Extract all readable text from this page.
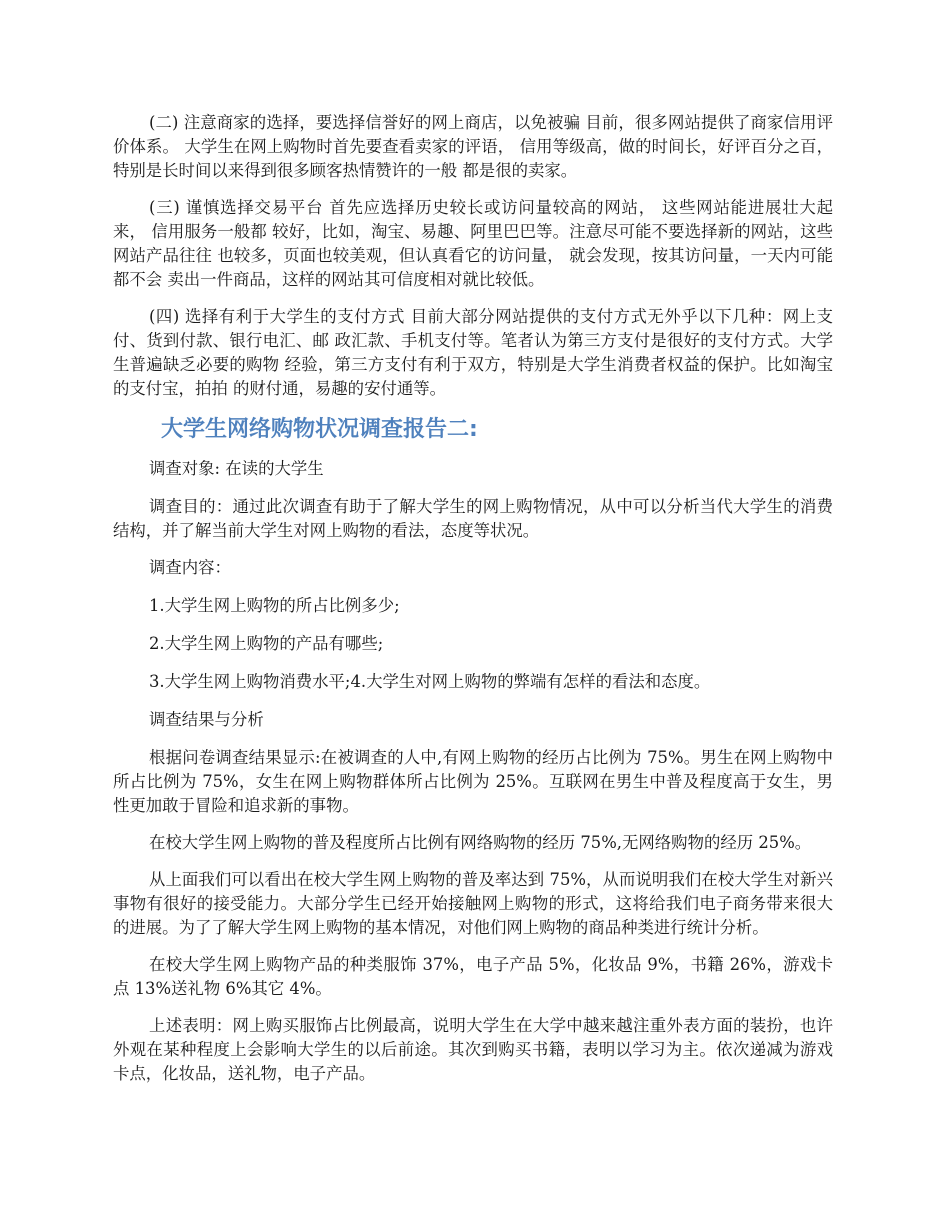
(二) 注意商家的选择，要选择信誉好的网上商店，以免被骗 目前，很多网站提供了商家信用评价体系。 大学生在网上购物时首先要查看卖家的评语， 信用等级高，做的时间长，好评百分之百，特别是长时间以来得到很多顾客热情赞许的一般 都是很的卖家。

(三) 谨慎选择交易平台 首先应选择历史较长或访问量较高的网站， 这些网站能进展壮大起来， 信用服务一般都 较好，比如，淘宝、易趣、阿里巴巴等。注意尽可能不要选择新的网站，这些网站产品往往 也较多，页面也较美观，但认真看它的访问量， 就会发现，按其访问量，一天内可能都不会 卖出一件商品，这样的网站其可信度相对就比较低。

(四) 选择有利于大学生的支付方式 目前大部分网站提供的支付方式无外乎以下几种：网上支付、货到付款、银行电汇、邮 政汇款、手机支付等。笔者认为第三方支付是很好的支付方式。大学生普遍缺乏必要的购物 经验，第三方支付有利于双方，特别是大学生消费者权益的保护。比如淘宝的支付宝，拍拍 的财付通，易趣的安付通等。

大学生网络购物状况调查报告二:

调查对象: 在读的大学生

调查目的：通过此次调查有助于了解大学生的网上购物情况，从中可以分析当代大学生的消费结构，并了解当前大学生对网上购物的看法，态度等状况。

调查内容：

1.大学生网上购物的所占比例多少;

2.大学生网上购物的产品有哪些;

3.大学生网上购物消费水平;4.大学生对网上购物的弊端有怎样的看法和态度。

调查结果与分析

根据问卷调查结果显示:在被调查的人中,有网上购物的经历占比例为 75%。男生在网上购物中所占比例为 75%，女生在网上购物群体所占比例为 25%。互联网在男生中普及程度高于女生，男性更加敢于冒险和追求新的事物。

在校大学生网上购物的普及程度所占比例有网络购物的经历 75%,无网络购物的经历 25%。

从上面我们可以看出在校大学生网上购物的普及率达到 75%，从而说明我们在校大学生对新兴事物有很好的接受能力。大部分学生已经开始接触网上购物的形式，这将给我们电子商务带来很大的进展。为了了解大学生网上购物的基本情况，对他们网上购物的商品种类进行统计分析。

在校大学生网上购物产品的种类服饰 37%，电子产品 5%，化妆品 9%，书籍 26%，游戏卡点 13%送礼物 6%其它 4%。

上述表明：网上购买服饰占比例最高，说明大学生在大学中越来越注重外表方面的装扮，也许外观在某种程度上会影响大学生的以后前途。其次到购买书籍，表明以学习为主。依次递减为游戏卡点，化妆品，送礼物，电子产品。
